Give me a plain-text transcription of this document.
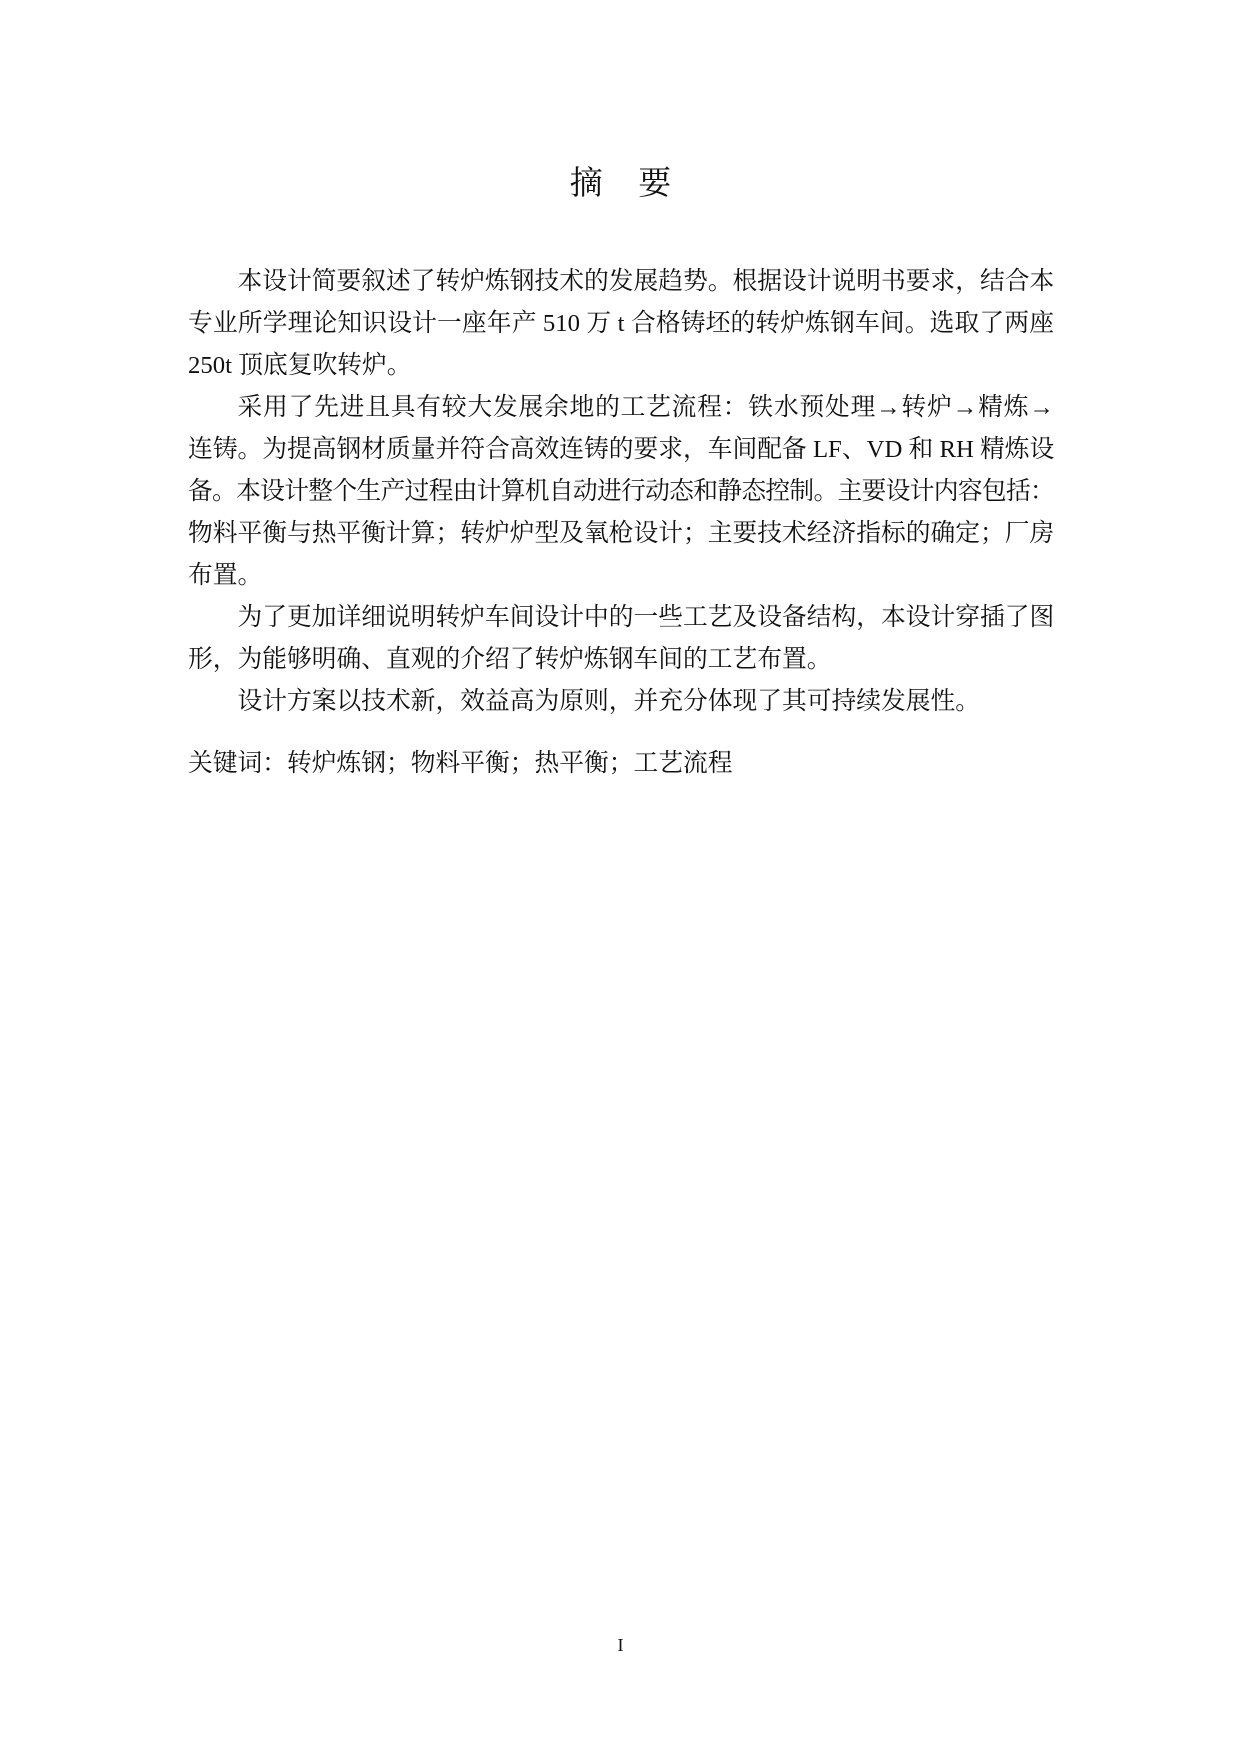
摘 要
本设计简要叙述了转炉炼钢技术的发展趋势。根据设计说明书要求，结合本
专业所学理论知识设计一座年产 510 万 t 合格铸坯的转炉炼钢车间。选取了两座
250t 顶底复吹转炉。
采用了先进且具有较大发展余地的工艺流程：铁水预处理→转炉→精炼→
连铸。为提高钢材质量并符合高效连铸的要求，车间配备 LF、VD 和 RH 精炼设
备。本设计整个生产过程由计算机自动进行动态和静态控制。主要设计内容包括：
物料平衡与热平衡计算；转炉炉型及氧枪设计；主要技术经济指标的确定；厂房
布置。
为了更加详细说明转炉车间设计中的一些工艺及设备结构，本设计穿插了图
形，为能够明确、直观的介绍了转炉炼钢车间的工艺布置。
设计方案以技术新，效益高为原则，并充分体现了其可持续发展性。
关键词：转炉炼钢；物料平衡；热平衡；工艺流程
I
